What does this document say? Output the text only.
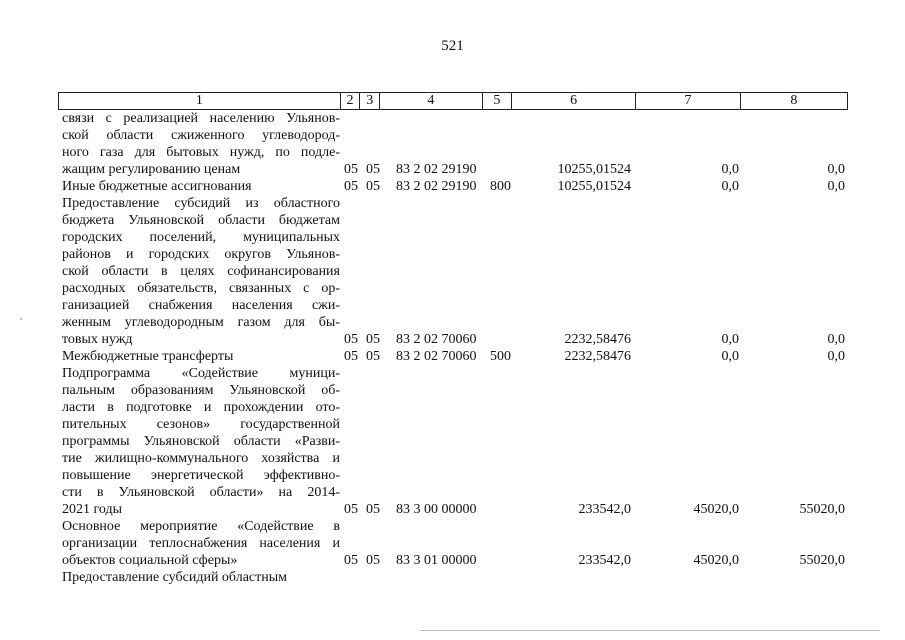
521
1	2 3	4	5	6	7	8
связи с реализацией населению Ульянов-
ской области сжиженного углеводород-
ного газа для бытовых нужд, по подле-
жащим регулированию ценам	05 05 83 2 02 29190	10255,01524	0,0	0,0
Иные бюджетные ассигнования	05 05 83 2 02 29190 800	10255,01524	0,0	0,0
Предоставление субсидий из областного
бюджета Ульяновской области бюджетам
городских поселений, муниципальных
районов и городских округов Ульянов-
ской области в целях софинансирования
расходных обязательств, связанных с ор-
ганизацией снабжения населения сжи-
женным углеводородным газом для бы-
товых нужд	05 05 83 2 02 70060	2232,58476	0,0	0,0
Межбюджетные трансферты	05 05 83 2 02 70060 500	2232,58476	0,0	0,0
Подпрограмма «Содействие муници-
пальным образованиям Ульяновской об-
ласти в подготовке и прохождении ото-
пительных сезонов» государственной
программы Ульяновской области «Разви-
тие жилищно-коммунального хозяйства и
повышение энергетической эффективно-
сти в Ульяновской области» на 2014-
2021 годы	05 05 83 3 00 00000	233542,0	45020,0	55020,0
Основное мероприятие «Содействие в
организации теплоснабжения населения и
объектов социальной сферы»	05 05 83 3 01 00000	233542,0	45020,0	55020,0
Предоставление субсидий областным
